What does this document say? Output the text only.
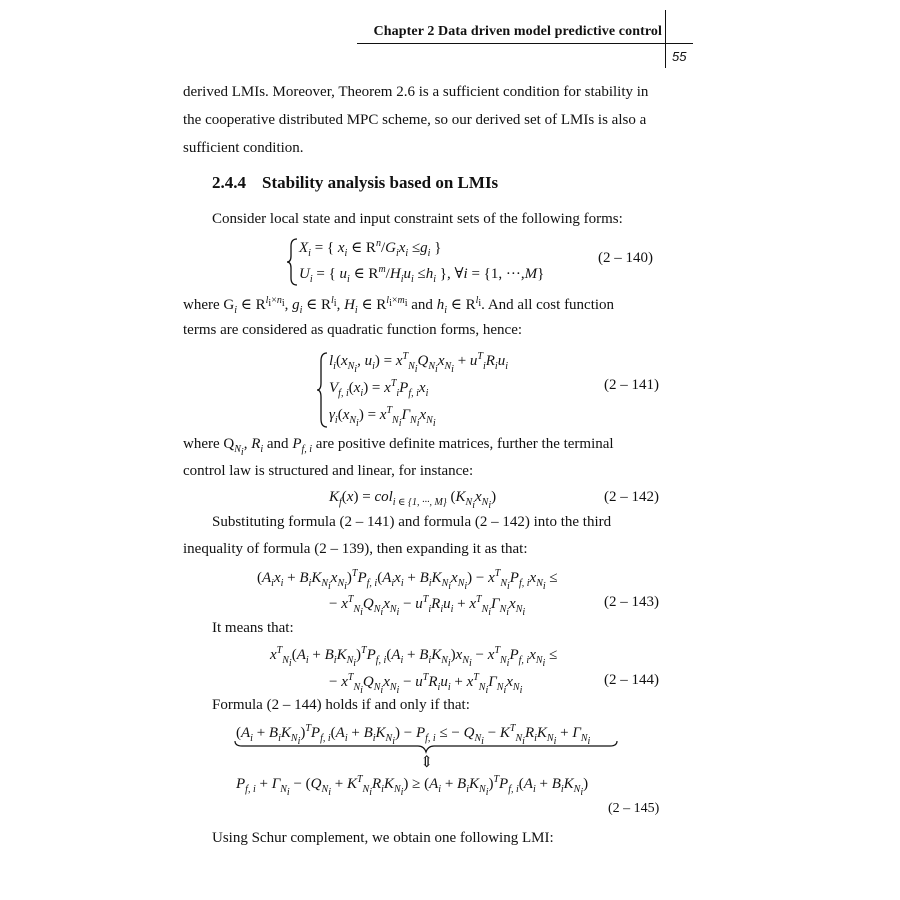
Chapter 2 Data driven model predictive control
55
derived LMIs. Moreover, Theorem 2.6 is a sufficient condition for stability in the cooperative distributed MPC scheme, so our derived set of LMIs is also a sufficient condition.
2.4.4 Stability analysis based on LMIs
Consider local state and input constraint sets of the following forms:
$X_i$ = { $x_i$ ∈ $R^n/G_ix_i \le g_i$ }
$U_i$ = { $u_i$ ∈ $R^m/H_iu_i \le h_i$ }, ∀i = {1, ···,M}
(2 – 140)
where $G_i$ ∈ $R^{l_i\times n_i}$, $g_i$ ∈ $R^{l_i}$, $H_i$ ∈ $R^{l_i\times m_i}$ and $h_i$ ∈ $R^{l_i}$. And all cost function
terms are considered as quadratic function forms, hence:
$l_i(x_{N_i}$, $u_i) = x^T_{N_i}Q_{N_i}x_{N_i} + u^T_iR_iu_i$
$V_{f, i}(x_i) = x^T_iP_{f, i}x_i$
$\gamma_i(x_{N_i}) = x^T_{N_i}\Gamma_{N_i}x_{N_i}$
(2 – 141)
where $Q_{N_i}$, $R_i$ and $P_{f, i}$ are positive definite matrices, further the terminal
control law is structured and linear, for instance:
$K_f(x) = col_{i \in \{1, \cdot\cdot\cdot, M\}}$ $(K_{N_i}x_{N_i})$	(2 – 142)
Substituting formula (2 – 141) and formula (2 – 142) into the third
inequality of formula (2 – 139), then expanding it as that:
$(A_ix_i + B_iK_{N_i}x_{N_i})^TP_{f, i}(A_ix_i + B_iK_{N_i}x_{N_i}) - x^T_{N_i}P_{f, i}x_{N_i}$ ≤
− $x^T_{N_i}Q_{N_i}x_{N_i} - u^T_iR_iu_i + x^T_{N_i}\Gamma_{N_i}x_{N_i}$
(2 – 143)
It means that:
$x^T_{N_i}(A_i + B_iK_{N_i})^TP_{f, i}(A_i + B_iK_{N_i})x_{N_i} - x^T_{N_i}P_{f, i}x_{N_i}$ ≤
− $x^T_{N_i}Q_{N_i}x_{N_i} - u^TR_iu_i + x^T_{N_i}\Gamma_{N_i}x_{N_i}$
(2 – 144)
Formula (2 – 144) holds if and only if that:
$(A_i + B_iK_{N_i})^TP_{f, i}(A_i + B_iK_{N_i}) - P_{f, i}$ ≤ − $Q_{N_i} - K^T_{N_i}R_iK_{N_i} + \Gamma_{N_i}$
⇕
$P_{f, i} + \Gamma_{N_i} - (Q_{N_i} + K^T_{N_i}R_iK_{N_i}) \ge (A_i + B_iK_{N_i})^TP_{f, i}(A_i + B_iK_{N_i})$
(2 – 145)
Using Schur complement, we obtain one following LMI:
